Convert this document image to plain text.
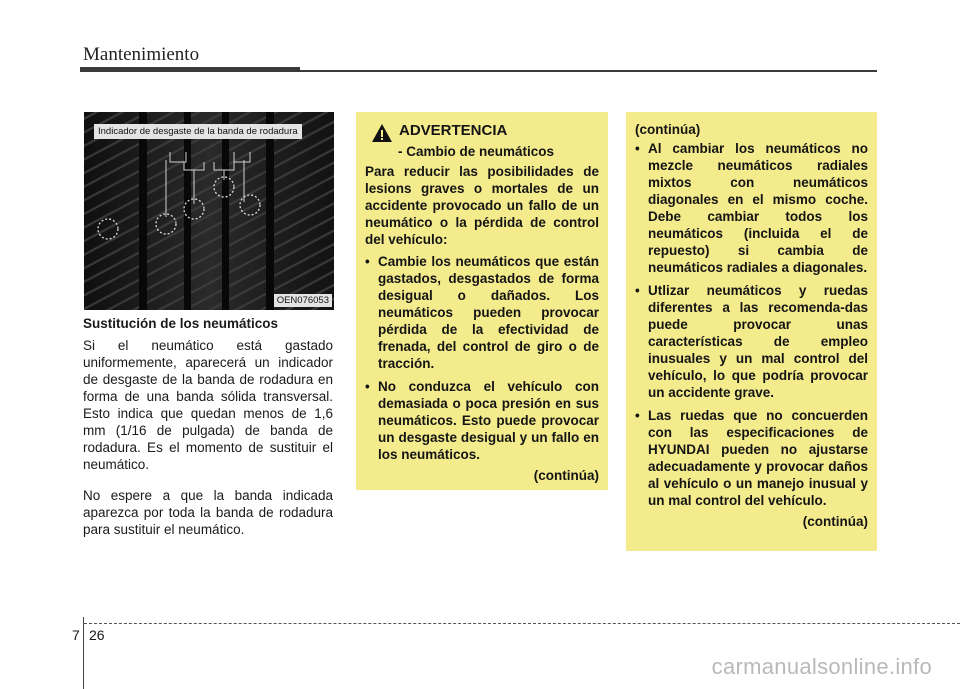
Mantenimiento
Indicador de desgaste de la banda de rodadura
OEN076053
Sustitución de los neumáticos

Si el neumático está gastado uniformemente, aparecerá un indicador de desgaste de la banda de rodadura en forma de una banda sólida transversal. Esto indica que quedan menos de 1,6 mm (1/16 de pulgada) de banda de rodadura. Es el momento de sustituir el neumático.

No espere a que la banda indicada aparezca por toda la banda de rodadura para sustituir el neumático.

ADVERTENCIA
- Cambio de neumáticos

Para reducir las posibilidades de lesions graves o mortales de un accidente provocado un fallo de un neumático o la pérdida de control del vehículo:

• Cambie los neumáticos que están gastados, desgastados de forma desigual o dañados. Los neumáticos pueden provocar pérdida de la efectividad de frenada, del control de giro o de tracción.
• No conduzca el vehículo con demasiada o poca presión en sus neumáticos. Esto puede provocar un desgaste desigual y un fallo en los neumáticos.
(continúa)
(continúa)
• Al cambiar los neumáticos no mezcle neumáticos radiales mixtos con neumáticos diagonales en el mismo coche. Debe cambiar todos los neumáticos (incluida el de repuesto) si cambia de neumáticos radiales a diagonales.
• Utlizar neumáticos y ruedas diferentes a las recomenda-das puede provocar unas características de empleo inusuales y un mal control del vehículo, lo que podría provocar un accidente grave.
• Las ruedas que no concuerden con las especificaciones de HYUNDAI pueden no ajustarse adecuadamente y provocar daños al vehículo o un manejo inusual y un mal control del vehículo.
(continúa)
7 26
carmanualsonline.info
